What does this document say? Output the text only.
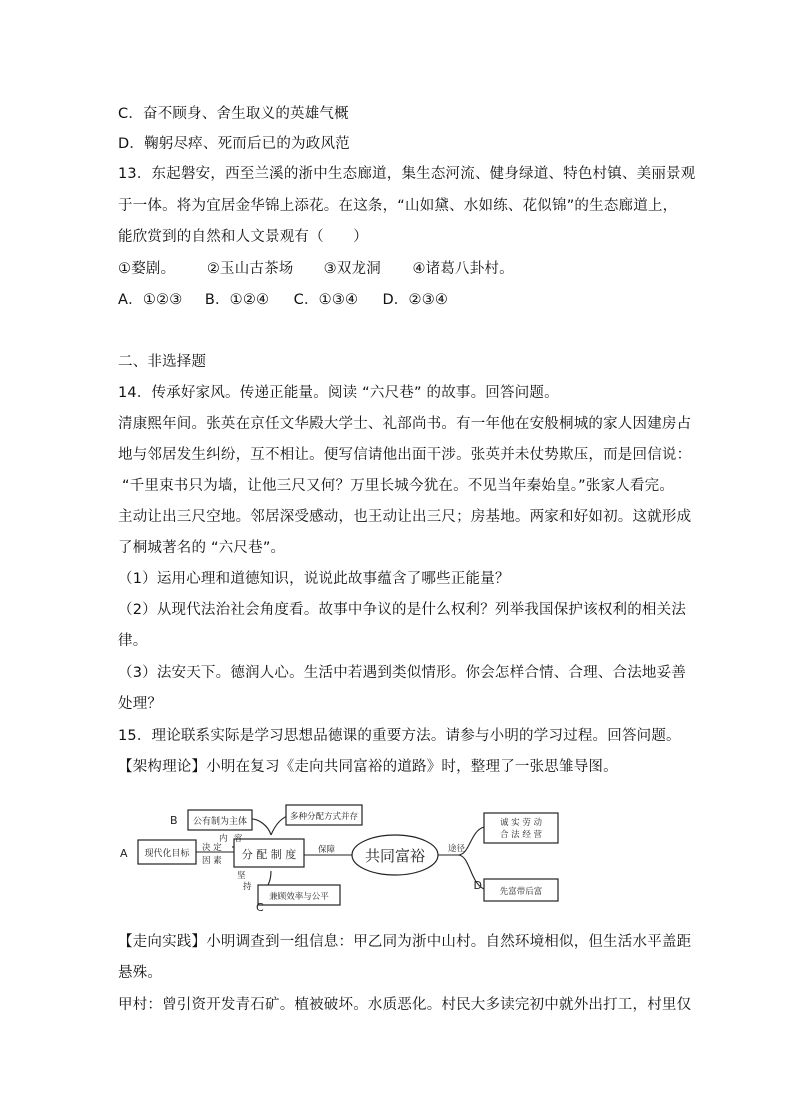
C．奋不顾身、舍生取义的英雄气概
D．鞠躬尽瘁、死而后已的为政风范
13．东起磐安，西至兰溪的浙中生态廊道，集生态河流、健身绿道、特色村镇、美丽景观
于一体。将为宜居金华锦上添花。在这条，“山如黛、水如练、花似锦”的生态廊道上，
能欣赏到的自然和人文景观有（　　）
①婺剧。 ②玉山古茶场 ③双龙洞 ④诸葛八卦村。
A．①②③ B．①②④ C．①③④ D．②③④
二、非选择题
14．传承好家风。传递正能量。阅读 “六尺巷” 的故事。回答问题。
清康熙年间。张英在京任文华殿大学士、礼部尚书。有一年他在安般桐城的家人因建房占
地与邻居发生纠纷，互不相让。便写信请他出面干涉。张英并未仗势欺压，而是回信说：
“千里束书只为墙，让他三尺又何？万里长城今犹在。不见当年秦始皇。”张家人看完。
主动让出三尺空地。邻居深受感动，也王动让出三尺；房基地。两家和好如初。这就形成
了桐城著名的 “六尺巷”。
（1）运用心理和道德知识，说说此故事蕴含了哪些正能量？
（2）从现代法治社会角度看。故事中争议的是什么权利？列举我国保护该权利的相关法
律。
（3）法安天下。德润人心。生活中若遇到类似情形。你会怎样合情、合理、合法地妥善
处理？
15．理论联系实际是学习思想品德课的重要方法。请参与小明的学习过程。回答问题。
【架构理论】小明在复习《走向共同富裕的道路》时，整理了一张思雏导图。
公有制为主体
B	多种分配方式并存
现代化目标
A	分 配 制 度
兼顾效率与公平
C
共同富裕
诚 实 劳 动
合 法 经 营
先富带后富
D
内 容
决 定
因 素
保障
坚
持
途径
【走向实践】小明调查到一组信息：甲乙同为浙中山村。自然环境相似，但生活水平盖距
悬殊。
甲村：曾引资开发青石矿。植被破坏。水质恶化。村民大多读完初中就外出打工，村里仅
